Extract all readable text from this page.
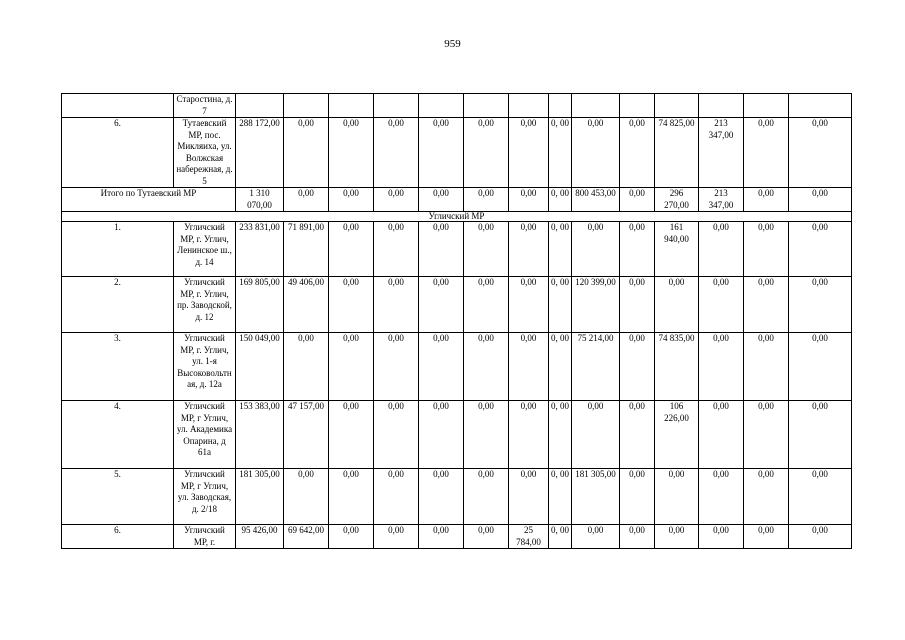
959
	Старостина, д. 7														
6.	Тутаевский МР, пос. Микляиха, ул. Волжская набережная, д. 5	288 172,00	0,00	0,00	0,00	0,00	0,00	0,00	0, 00	0,00	0,00	74 825,00	213 347,00	0,00	0,00
Итого по Тутаевский МР		1 310 070,00	0,00	0,00	0,00	0,00	0,00	0,00	0, 00	800 453,00	0,00	296 270,00	213 347,00	0,00	0,00
Угличский МР															
1.	Угличский МР, г. Углич, Ленинское ш., д. 14	233 831,00	71 891,00	0,00	0,00	0,00	0,00	0,00	0, 00	0,00	0,00	161 940,00	0,00	0,00	0,00
2.	Угличский МР, г. Углич, пр. Заводской, д. 12	169 805,00	49 406,00	0,00	0,00	0,00	0,00	0,00	0, 00	120 399,00	0,00	0,00	0,00	0,00	0,00
3.	Угличский МР, г. Углич, ул. 1-я Высоковольтная, д. 12а	150 049,00	0,00	0,00	0,00	0,00	0,00	0,00	0, 00	75 214,00	0,00	74 835,00	0,00	0,00	0,00
4.	Угличский МР, г Углич, ул. Академика Опарина, д 61а	153 383,00	47 157,00	0,00	0,00	0,00	0,00	0,00	0, 00	0,00	0,00	106 226,00	0,00	0,00	0,00
5.	Угличский МР, г Углич, ул. Заводская, д. 2/18	181 305,00	0,00	0,00	0,00	0,00	0,00	0,00	0, 00	181 305,00	0,00	0,00	0,00	0,00	0,00
6.	Угличский МР, г.	95 426,00	69 642,00	0,00	0,00	0,00	0,00	25 784,00	0, 00	0,00	0,00	0,00	0,00	0,00	0,00
